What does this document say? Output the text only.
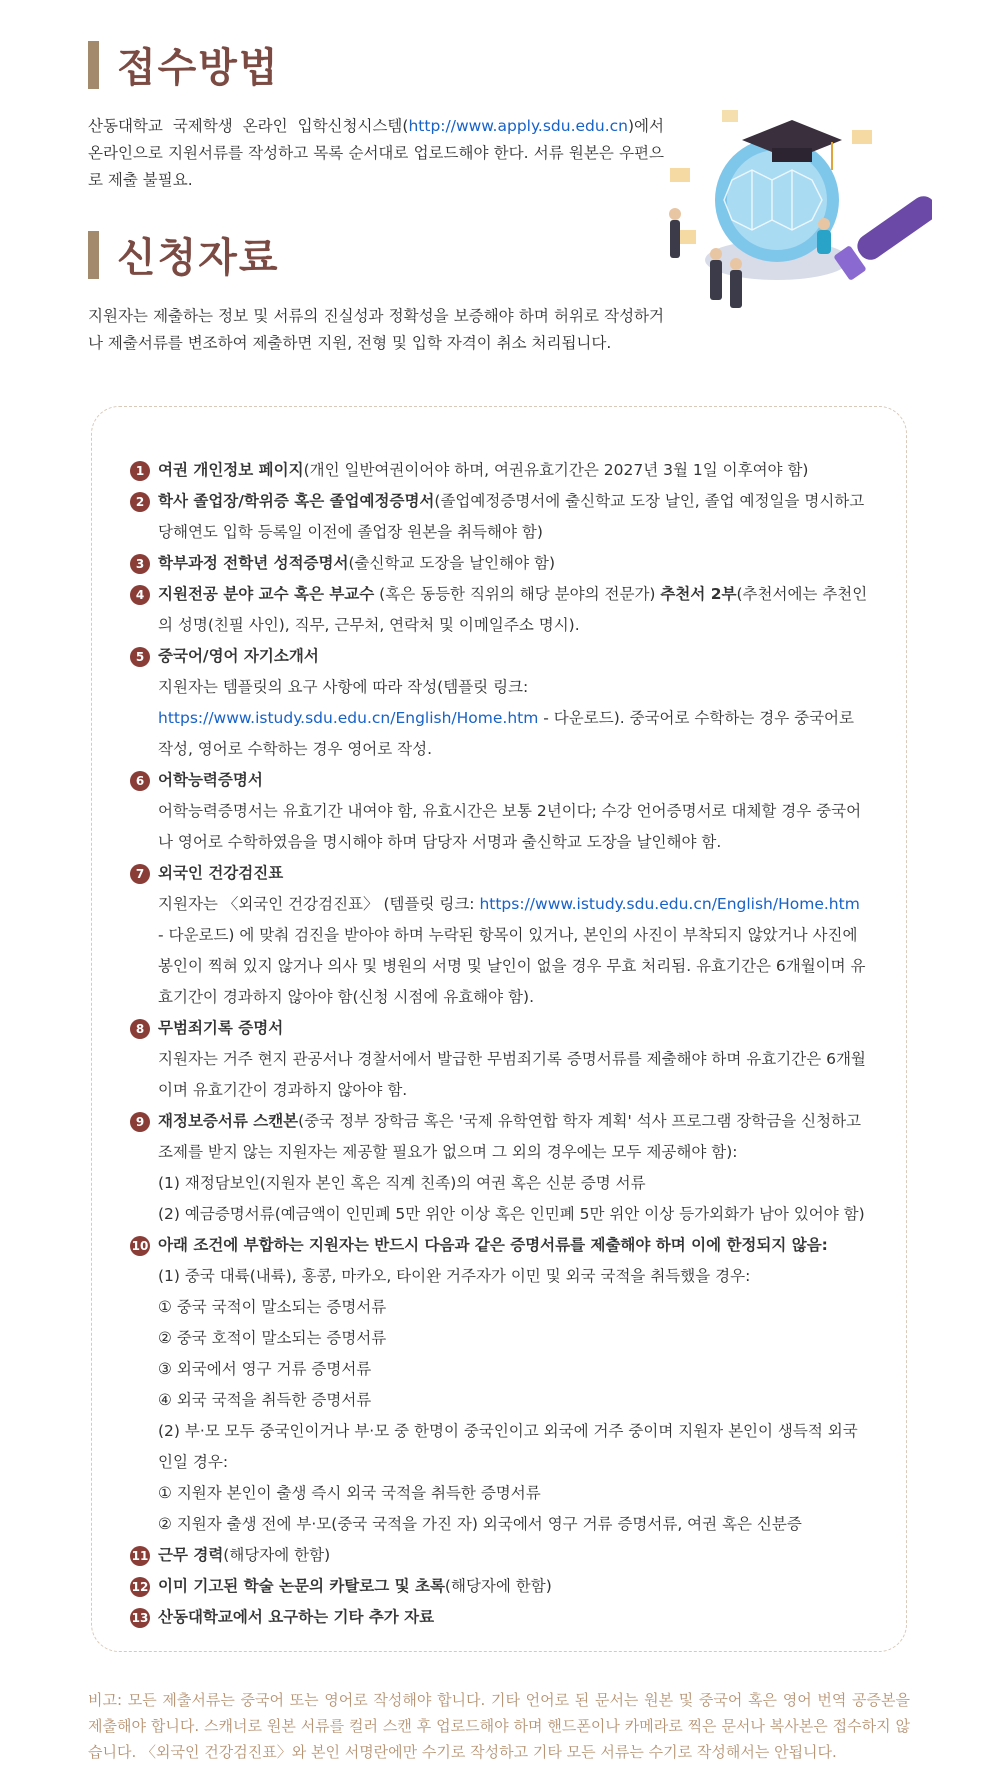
접수방법
산동대학교 국제학생 온라인 입학신청시스템(http://www.apply.sdu.edu.cn)에서 온라인으로 지원서류를 작성하고 목록 순서대로 업로드해야 한다. 서류 원본은 우편으로 제출 불필요.
신청자료
지원자는 제출하는 정보 및 서류의 진실성과 정확성을 보증해야 하며 허위로 작성하거나 제출서류를 변조하여 제출하면 지원, 전형 및 입학 자격이 취소 처리됩니다.
1 여권 개인정보 페이지(개인 일반여권이어야 하며, 여권유효기간은 2027년 3월 1일 이후여야 함)
2 학사 졸업장/학위증 혹은 졸업예정증명서(졸업예정증명서에 출신학교 도장 날인, 졸업 예정일을 명시하고 당해연도 입학 등록일 이전에 졸업장 원본을 취득해야 함)
3 학부과정 전학년 성적증명서(출신학교 도장을 날인해야 함)
4 지원전공 분야 교수 혹은 부교수 (혹은 동등한 직위의 해당 분야의 전문가) 추천서 2부(추천서에는 추천인의 성명(친필 사인), 직무, 근무처, 연락처 및 이메일주소 명시).
5 중국어/영어 자기소개서
지원자는 템플릿의 요구 사항에 따라 작성(템플릿 링크: https://www.istudy.sdu.edu.cn/English/Home.htm - 다운로드). 중국어로 수학하는 경우 중국어로 작성, 영어로 수학하는 경우 영어로 작성.
6 어학능력증명서
어학능력증명서는 유효기간 내여야 함, 유효시간은 보통 2년이다; 수강 언어증명서로 대체할 경우 중국어나 영어로 수학하였음을 명시해야 하며 담당자 서명과 출신학교 도장을 날인해야 함.
7 외국인 건강검진표
지원자는 〈외국인 건강검진표〉 (템플릿 링크: https://www.istudy.sdu.edu.cn/English/Home.htm - 다운로드) 에 맞춰 검진을 받아야 하며 누락된 항목이 있거나, 본인의 사진이 부착되지 않았거나 사진에 봉인이 찍혀 있지 않거나 의사 및 병원의 서명 및 날인이 없을 경우 무효 처리됨. 유효기간은 6개월이며 유효기간이 경과하지 않아야 함(신청 시점에 유효해야 함).
8 무범죄기록 증명서
지원자는 거주 현지 관공서나 경찰서에서 발급한 무범죄기록 증명서류를 제출해야 하며 유효기간은 6개월이며 유효기간이 경과하지 않아야 함.
9 재정보증서류 스캔본(중국 정부 장학금 혹은 '국제 유학연합 학자 계획' 석사 프로그램 장학금을 신청하고 조제를 받지 않는 지원자는 제공할 필요가 없으며 그 외의 경우에는 모두 제공해야 함):
(1) 재정담보인(지원자 본인 혹은 직계 친족)의 여권 혹은 신분 증명 서류
(2) 예금증명서류(예금액이 인민폐 5만 위안 이상 혹은 인민폐 5만 위안 이상 등가외화가 남아 있어야 함)
10 아래 조건에 부합하는 지원자는 반드시 다음과 같은 증명서류를 제출해야 하며 이에 한정되지 않음:
(1) 중국 대륙(내륙), 홍콩, 마카오, 타이완 거주자가 이민 및 외국 국적을 취득했을 경우:
① 중국 국적이 말소되는 증명서류
② 중국 호적이 말소되는 증명서류
③ 외국에서 영구 거류 증명서류
④ 외국 국적을 취득한 증명서류
(2) 부·모 모두 중국인이거나 부·모 중 한명이 중국인이고 외국에 거주 중이며 지원자 본인이 생득적 외국인일 경우:
① 지원자 본인이 출생 즉시 외국 국적을 취득한 증명서류
② 지원자 출생 전에 부·모(중국 국적을 가진 자) 외국에서 영구 거류 증명서류, 여권 혹은 신분증
11 근무 경력(해당자에 한함)
12 이미 기고된 학술 논문의 카탈로그 및 초록(해당자에 한함)
13 산동대학교에서 요구하는 기타 추가 자료
비고: 모든 제출서류는 중국어 또는 영어로 작성해야 합니다. 기타 언어로 된 문서는 원본 및 중국어 혹은 영어 번역 공증본을 제출해야 합니다. 스캐너로 원본 서류를 컬러 스캔 후 업로드해야 하며 핸드폰이나 카메라로 찍은 문서나 복사본은 접수하지 않습니다. 〈외국인 건강검진표〉와 본인 서명란에만 수기로 작성하고 기타 모든 서류는 수기로 작성해서는 안됩니다.
